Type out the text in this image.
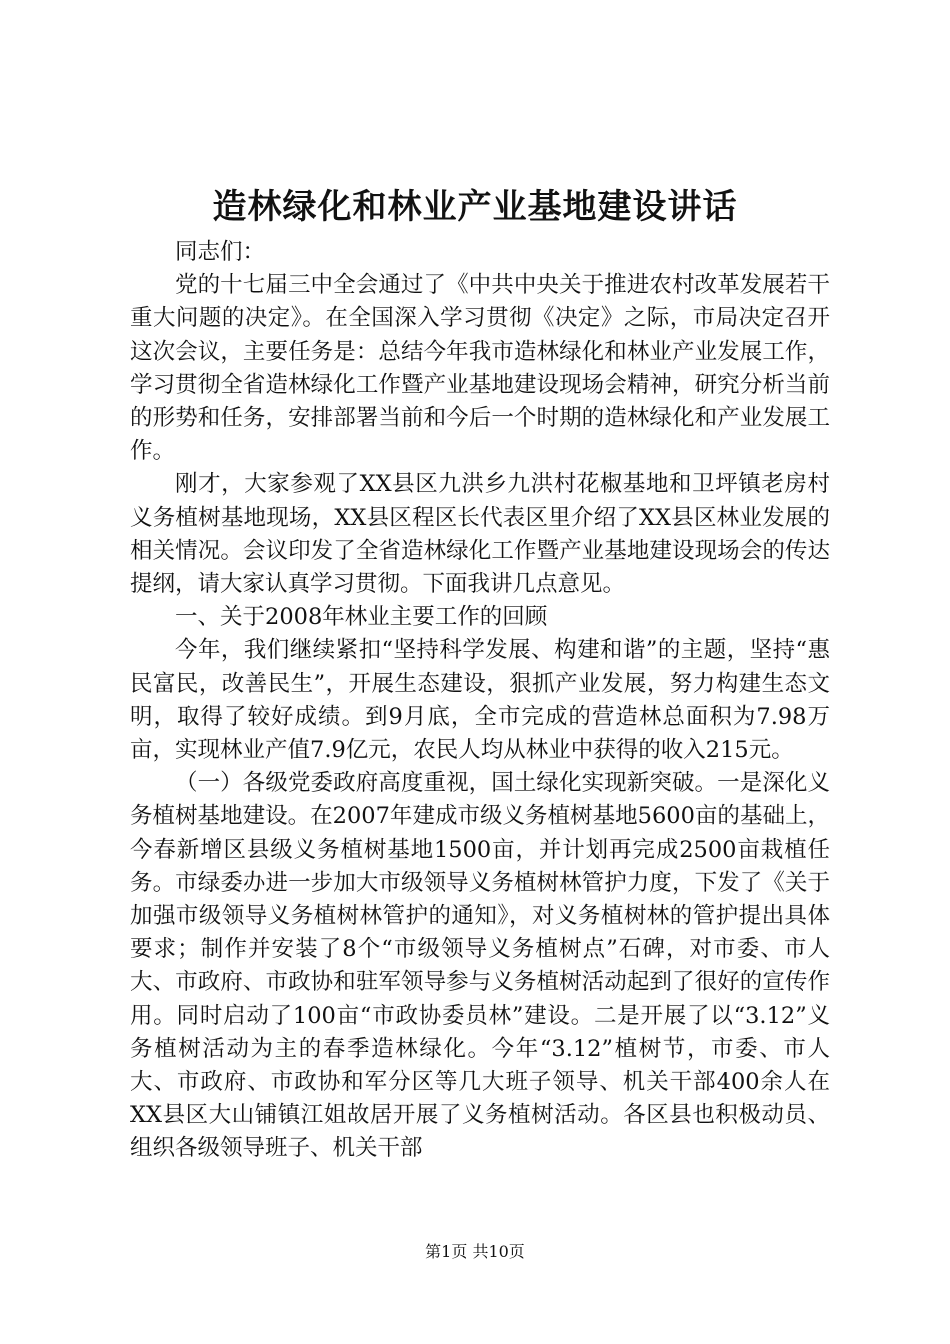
造林绿化和林业产业基地建设讲话

同志们：

党的十七届三中全会通过了《中共中央关于推进农村改革发展若干重大问题的决定》。在全国深入学习贯彻《决定》之际，市局决定召开这次会议，主要任务是：总结今年我市造林绿化和林业产业发展工作，学习贯彻全省造林绿化工作暨产业基地建设现场会精神，研究分析当前的形势和任务，安排部署当前和今后一个时期的造林绿化和产业发展工作。

刚才，大家参观了XX县区九洪乡九洪村花椒基地和卫坪镇老房村义务植树基地现场，XX县区程区长代表区里介绍了XX县区林业发展的相关情况。会议印发了全省造林绿化工作暨产业基地建设现场会的传达提纲，请大家认真学习贯彻。下面我讲几点意见。

一、关于2008年林业主要工作的回顾

今年，我们继续紧扣“坚持科学发展、构建和谐”的主题，坚持“惠民富民，改善民生”，开展生态建设，狠抓产业发展，努力构建生态文明，取得了较好成绩。到9月底，全市完成的营造林总面积为7.98万亩，实现林业产值7.9亿元，农民人均从林业中获得的收入215元。

（一）各级党委政府高度重视，国土绿化实现新突破。一是深化义务植树基地建设。在2007年建成市级义务植树基地5600亩的基础上，今春新增区县级义务植树基地1500亩，并计划再完成2500亩栽植任务。市绿委办进一步加大市级领导义务植树林管护力度，下发了《关于加强市级领导义务植树林管护的通知》，对义务植树林的管护提出具体要求；制作并安装了8个“市级领导义务植树点”石碑，对市委、市人大、市政府、市政协和驻军领导参与义务植树活动起到了很好的宣传作用。同时启动了100亩“市政协委员林”建设。二是开展了以“3.12”义务植树活动为主的春季造林绿化。今年“3.12”植树节，市委、市人大、市政府、市政协和军分区等几大班子领导、机关干部400余人在XX县区大山铺镇江姐故居开展了义务植树活动。各区县也积极动员、组织各级领导班子、机关干部

第1页 共10页
